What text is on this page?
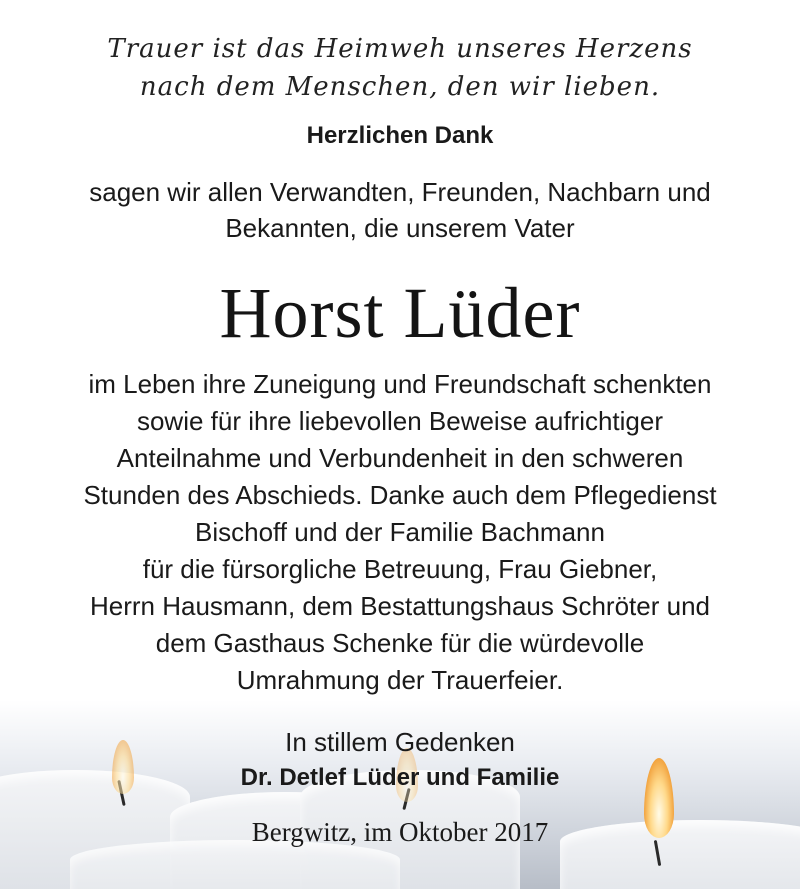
Trauer ist das Heimweh unseres Herzens
nach dem Menschen, den wir lieben.
Herzlichen Dank
sagen wir allen Verwandten, Freunden, Nachbarn und
Bekannten, die unserem Vater
Horst Lüder
im Leben ihre Zuneigung und Freundschaft schenkten
sowie für ihre liebevollen Beweise aufrichtiger
Anteilnahme und Verbundenheit in den schweren
Stunden des Abschieds. Danke auch dem Pflegedienst
Bischoff und der Familie Bachmann
für die fürsorgliche Betreuung, Frau Giebner,
Herrn Hausmann, dem Bestattungshaus Schröter und
dem Gasthaus Schenke für die würdevolle
Umrahmung der Trauerfeier.
In stillem Gedenken
Dr. Detlef Lüder und Familie
Bergwitz, im Oktober 2017
